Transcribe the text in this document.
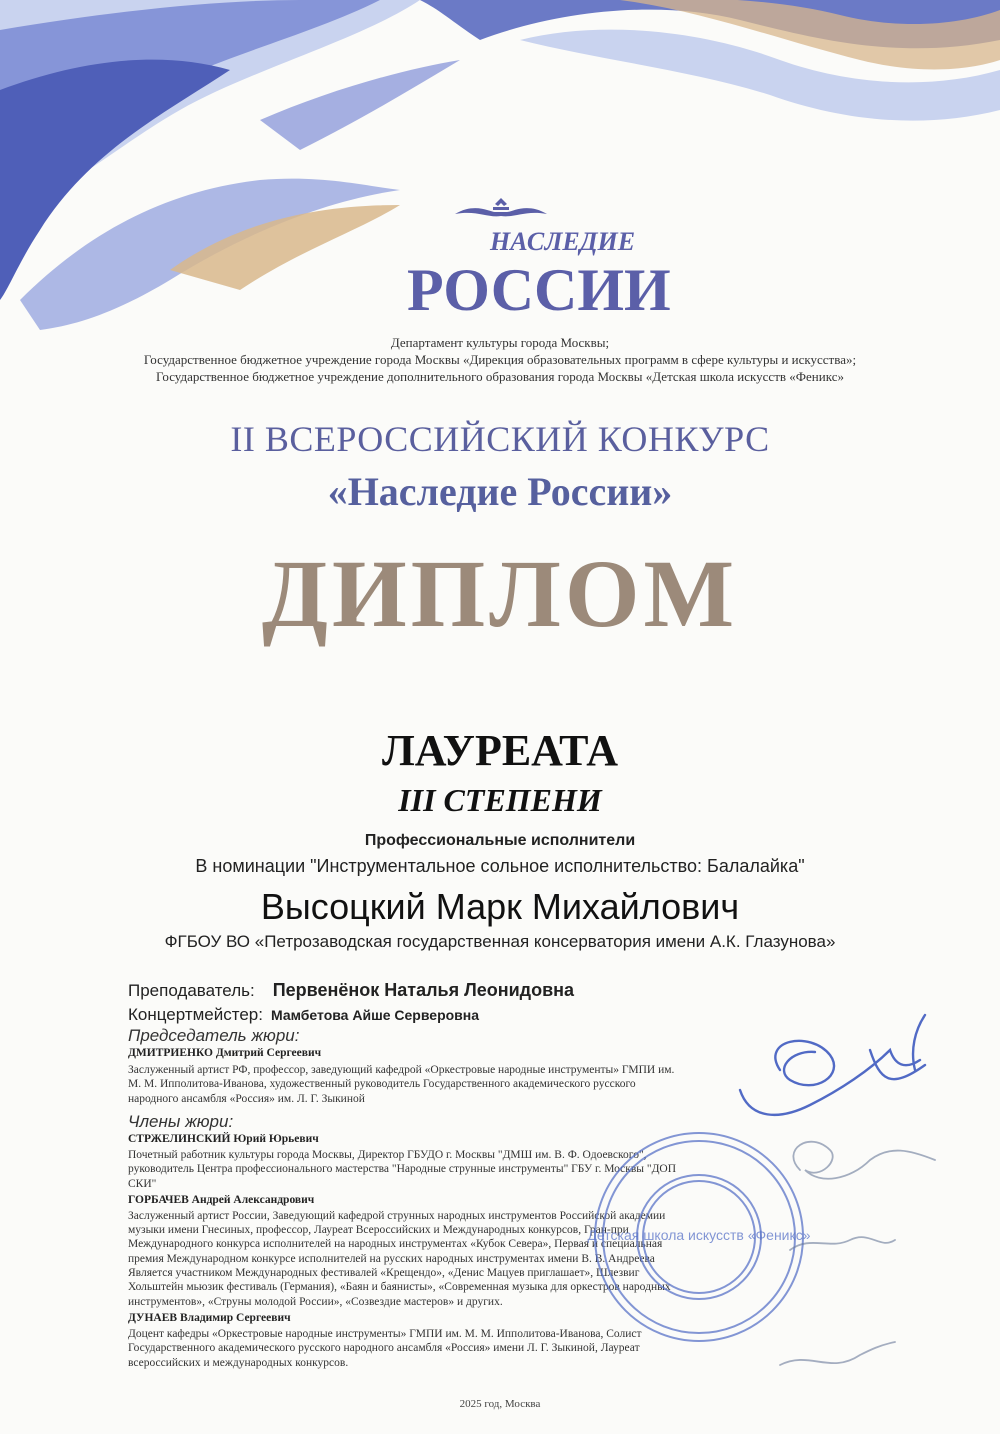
НАСЛЕДИЕ
РОССИИ
Департамент культуры города Москвы;
Государственное бюджетное учреждение города Москвы «Дирекция образовательных программ в сфере культуры и искусства»;
Государственное бюджетное учреждение дополнительного образования города Москвы «Детская школа искусств «Феникс»
II ВСЕРОССИЙСКИЙ КОНКУРС
«Наследие России»
ДИПЛОМ
ЛАУРЕАТА
III СТЕПЕНИ
Профессиональные исполнители
В номинации "Инструментальное сольное исполнительство: Балалайка"
Высоцкий Марк Михайлович
ФГБОУ ВО «Петрозаводская государственная консерватория имени А.К. Глазунова»
Преподаватель: Первенёнок Наталья Леонидовна
Концертмейстер: Мамбетова Айше Серверовна
Председатель жюри:
ДМИТРИЕНКО Дмитрий Сергеевич
Заслуженный артист РФ, профессор, заведующий кафедрой «Оркестровые народные инструменты» ГМПИ им.
М. М. Ипполитова-Иванова, художественный руководитель Государственного академического русского
народного ансамбля «Россия» им. Л. Г. Зыкиной
Члены жюри:
СТРЖЕЛИНСКИЙ Юрий Юрьевич
Почетный работник культуры города Москвы, Директор ГБУДО г. Москвы "ДМШ им. В. Ф. Одоевского",
руководитель Центра профессионального мастерства "Народные струнные инструменты" ГБУ г. Москвы "ДОП
СКИ"
ГОРБАЧЕВ Андрей Александрович
Заслуженный артист России, Заведующий кафедрой струнных народных инструментов Российской академии
музыки имени Гнесиных, профессор, Лауреат Всероссийских и Международных конкурсов, Гран-при
Международного конкурса исполнителей на народных инструментах «Кубок Севера», Первая и специальная
премия Международном конкурсе исполнителей на русских народных инструментах имени В. В. Андреева
Является участником Международных фестивалей «Крещендо», «Денис Мацуев приглашает», Шлезвиг
Хольштейн мьюзик фестиваль (Германия), «Баян и баянисты», «Современная музыка для оркестров народных
инструментов», «Струны молодой России», «Созвездие мастеров» и других.
ДУНАЕВ Владимир Сергеевич
Доцент кафедры «Оркестровые народные инструменты» ГМПИ им. М. М. Ипполитова-Иванова, Солист
Государственного академического русского народного ансамбля «Россия» имени Л. Г. Зыкиной, Лауреат
всероссийских и международных конкурсов.
Детская школа искусств «Феникс»
2025 год, Москва
